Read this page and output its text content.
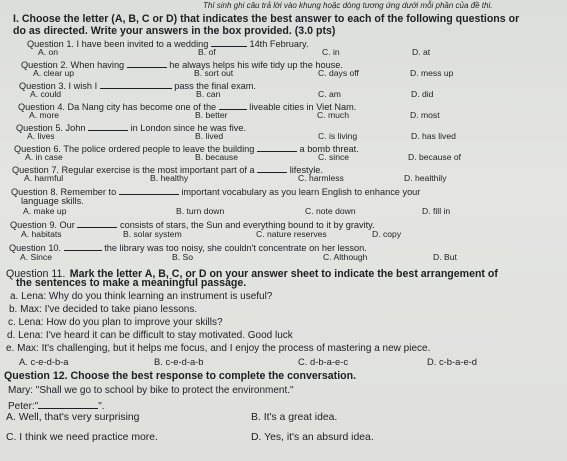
Thí sinh ghi câu trả lời vào khung hoặc dòng tương ứng dưới mỗi phần của đề thi.
I. Choose the letter (A, B, C or D) that indicates the best answer to each of the following questions or
do as directed. Write your answers in the box provided. (3.0 pts)
Question 1. I have been invited to a wedding	14th February.
A. on	B. of	C. in	D. at
Question 2. When having	he always helps his wife tidy up the house.
A. clear up	B. sort out	C. days off	D. mess up
Question 3. I wish I	pass the final exam.
A. could	B. can	C. am	D. did
Question 4. Da Nang city has become one of the	liveable cities in Viet Nam.
A. more	B. better	C. much	D. most
Question 5. John	in London since he was five.
A. lives	B. lived	C. is living	D. has lived
Question 6. The police ordered people to leave the building	a bomb threat.
A. in case	B. because	C. since	D. because of
Question 7. Regular exercise is the most important part of a	lifestyle.
A. harmful	B. healthy	C. harmless	D. healthily
Question 8. Remember to	important vocabulary as you learn English to enhance your
language skills.
A. make up	B. turn down	C. note down	D. fill in
Question 9. Our	consists of stars, the Sun and everything bound to it by gravity.
A. habitats	B. solar system	C. nature reserves	D. copy
Question 10.	the library was too noisy, she couldn't concentrate on her lesson.
A. Since	B. So	C. Although	D. But
Question 11. Mark the letter A, B, C, or D on your answer sheet to indicate the best arrangement of
the sentences to make a meaningful passage.
a. Lena: Why do you think learning an instrument is useful?
b. Max: I've decided to take piano lessons.
c. Lena: How do you plan to improve your skills?
d. Lena: I've heard it can be difficult to stay motivated. Good luck
e. Max: It's challenging, but it helps me focus, and I enjoy the process of mastering a new piece.
A. c-e-d-b-a	B. c-e-d-a-b	C. d-b-a-e-c	D. c-b-a-e-d
Question 12. Choose the best response to complete the conversation.
Mary: "Shall we go to school by bike to protect the environment."
Peter:"	".
A. Well, that's very surprising	B. It's a great idea.
C. I think we need practice more.	D. Yes, it's an absurd idea.
